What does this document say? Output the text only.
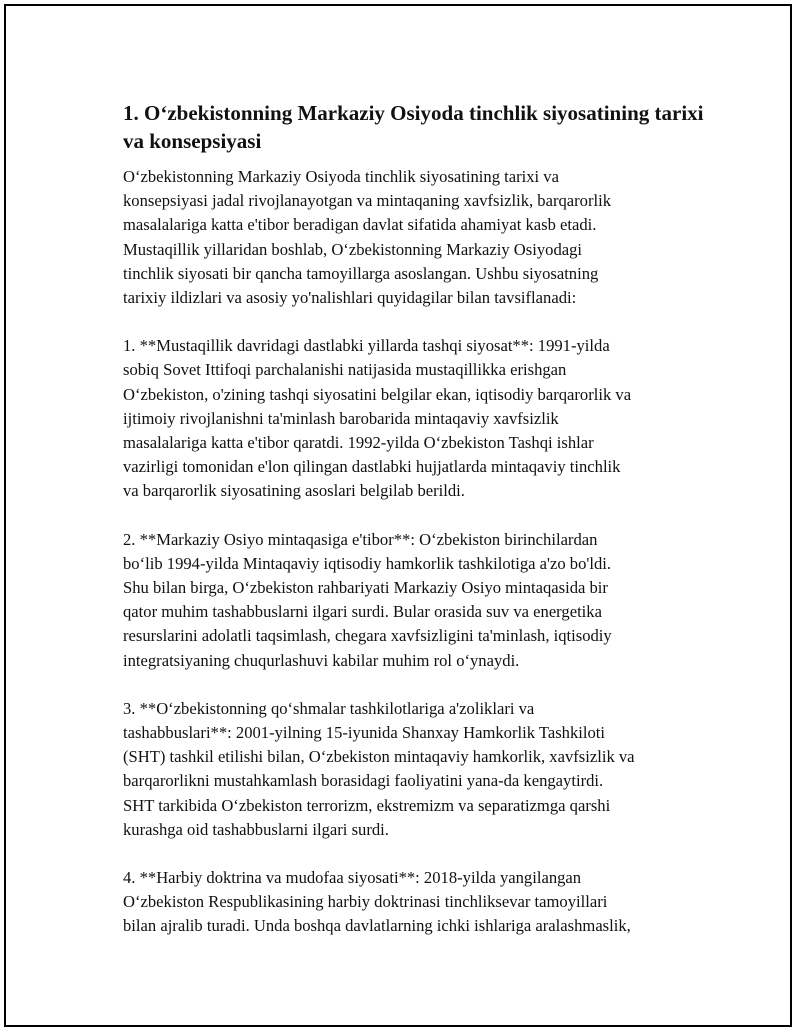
1. O‘zbekistonning Markaziy Osiyoda tinchlik siyosatining tarixi va konsepsiyasi

O‘zbekistonning Markaziy Osiyoda tinchlik siyosatining tarixi va
konsepsiyasi jadal rivojlanayotgan va mintaqaning xavfsizlik, barqarorlik
masalalariga katta e'tibor beradigan davlat sifatida ahamiyat kasb etadi.
Mustaqillik yillaridan boshlab, O‘zbekistonning Markaziy Osiyodagi
tinchlik siyosati bir qancha tamoyillarga asoslangan. Ushbu siyosatning
tarixiy ildizlari va asosiy yo'nalishlari quyidagilar bilan tavsiflanadi:

1. **Mustaqillik davridagi dastlabki yillarda tashqi siyosat**: 1991-yilda
sobiq Sovet Ittifoqi parchalanishi natijasida mustaqillikka erishgan
O‘zbekiston, o'zining tashqi siyosatini belgilar ekan, iqtisodiy barqarorlik va
ijtimoiy rivojlanishni ta'minlash barobarida mintaqaviy xavfsizlik
masalalariga katta e'tibor qaratdi. 1992-yilda O‘zbekiston Tashqi ishlar
vazirligi tomonidan e'lon qilingan dastlabki hujjatlarda mintaqaviy tinchlik
va barqarorlik siyosatining asoslari belgilab berildi.

2. **Markaziy Osiyo mintaqasiga e'tibor**: O‘zbekiston birinchilardan
bo‘lib 1994-yilda Mintaqaviy iqtisodiy hamkorlik tashkilotiga a'zo bo'ldi.
Shu bilan birga, O‘zbekiston rahbariyati Markaziy Osiyo mintaqasida bir
qator muhim tashabbuslarni ilgari surdi. Bular orasida suv va energetika
resurslarini adolatli taqsimlash, chegara xavfsizligini ta'minlash, iqtisodiy
integratsiyaning chuqurlashuvi kabilar muhim rol o‘ynaydi.

3. **O‘zbekistonning qo‘shmalar tashkilotlariga a'zoliklari va
tashabbuslari**: 2001-yilning 15-iyunida Shanxay Hamkorlik Tashkiloti
(SHT) tashkil etilishi bilan, O‘zbekiston mintaqaviy hamkorlik, xavfsizlik va
barqarorlikni mustahkamlash borasidagi faoliyatini yana-da kengaytirdi.
SHT tarkibida O‘zbekiston terrorizm, ekstremizm va separatizmga qarshi
kurashga oid tashabbuslarni ilgari surdi.

4. **Harbiy doktrina va mudofaa siyosati**: 2018-yilda yangilangan
O‘zbekiston Respublikasining harbiy doktrinasi tinchliksevar tamoyillari
bilan ajralib turadi. Unda boshqa davlatlarning ichki ishlariga aralashmaslik,
